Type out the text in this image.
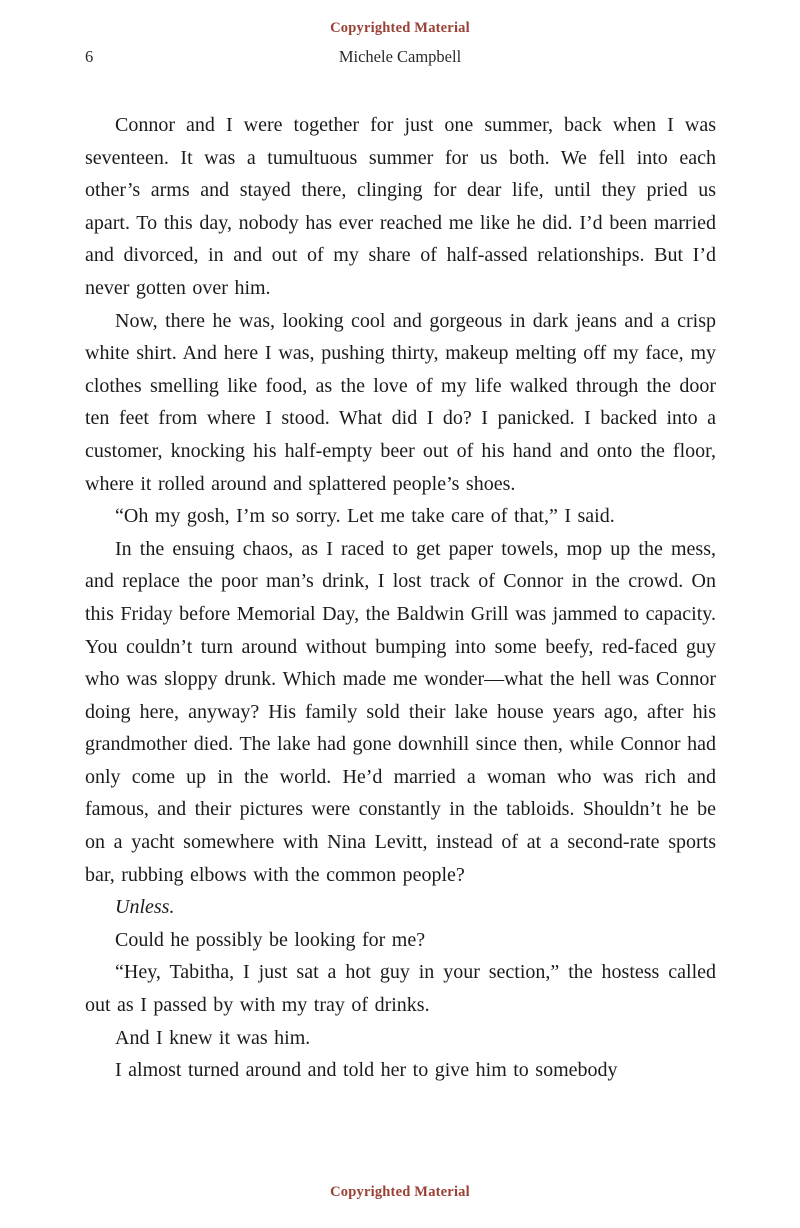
Copyrighted Material
6	Michele Campbell

Connor and I were together for just one summer, back when I was seventeen. It was a tumultuous summer for us both. We fell into each other’s arms and stayed there, clinging for dear life, until they pried us apart. To this day, nobody has ever reached me like he did. I’d been married and divorced, in and out of my share of half-assed relationships. But I’d never gotten over him.

Now, there he was, looking cool and gorgeous in dark jeans and a crisp white shirt. And here I was, pushing thirty, makeup melting off my face, my clothes smelling like food, as the love of my life walked through the door ten feet from where I stood. What did I do? I panicked. I backed into a customer, knocking his half-empty beer out of his hand and onto the floor, where it rolled around and splattered people’s shoes.

“Oh my gosh, I’m so sorry. Let me take care of that,” I said.

In the ensuing chaos, as I raced to get paper towels, mop up the mess, and replace the poor man’s drink, I lost track of Connor in the crowd. On this Friday before Memorial Day, the Baldwin Grill was jammed to capacity. You couldn’t turn around without bumping into some beefy, red-faced guy who was sloppy drunk. Which made me wonder—what the hell was Connor doing here, anyway? His family sold their lake house years ago, after his grandmother died. The lake had gone downhill since then, while Connor had only come up in the world. He’d married a woman who was rich and famous, and their pictures were constantly in the tabloids. Shouldn’t he be on a yacht somewhere with Nina Levitt, instead of at a second-rate sports bar, rubbing elbows with the common people?

Unless.

Could he possibly be looking for me?

“Hey, Tabitha, I just sat a hot guy in your section,” the hostess called out as I passed by with my tray of drinks.

And I knew it was him.

I almost turned around and told her to give him to somebody

Copyrighted Material
